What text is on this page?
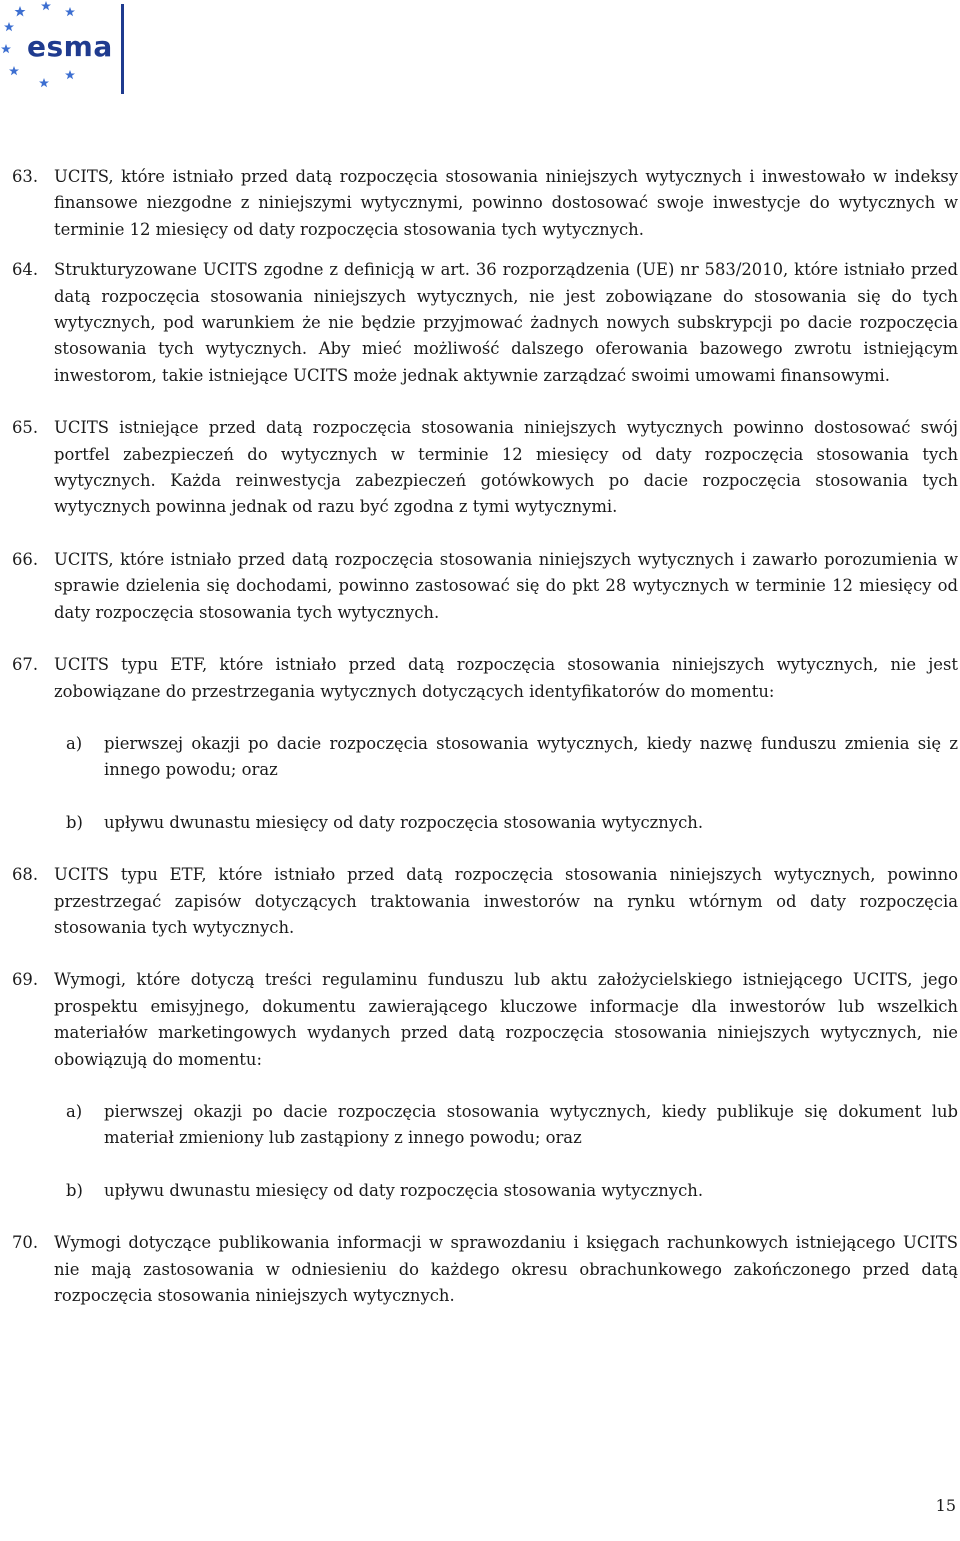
esma
63. UCITS, które istniało przed datą rozpoczęcia stosowania niniejszych wytycznych i inwestowało w indeksy finansowe niezgodne z niniejszymi wytycznymi, powinno dostosować swoje inwestycje do wytycznych w terminie 12 miesięcy od daty rozpoczęcia stosowania tych wytycznych.
64. Strukturyzowane UCITS zgodne z definicją w art. 36 rozporządzenia (UE) nr 583/2010, które istniało przed datą rozpoczęcia stosowania niniejszych wytycznych, nie jest zobowiązane do stosowania się do tych wytycznych, pod warunkiem że nie będzie przyjmować żadnych nowych subskrypcji po dacie rozpoczęcia stosowania tych wytycznych. Aby mieć możliwość dalszego oferowania bazowego zwrotu istniejącym inwestorom, takie istniejące UCITS może jednak aktywnie zarządzać swoimi umowami finansowymi.
65. UCITS istniejące przed datą rozpoczęcia stosowania niniejszych wytycznych powinno dostosować swój portfel zabezpieczeń do wytycznych w terminie 12 miesięcy od daty rozpoczęcia stosowania tych wytycznych. Każda reinwestycja zabezpieczeń gotówkowych po dacie rozpoczęcia stosowania tych wytycznych powinna jednak od razu być zgodna z tymi wytycznymi.
66. UCITS, które istniało przed datą rozpoczęcia stosowania niniejszych wytycznych i zawarło porozumienia w sprawie dzielenia się dochodami, powinno zastosować się do pkt 28 wytycznych w terminie 12 miesięcy od daty rozpoczęcia stosowania tych wytycznych.
67. UCITS typu ETF, które istniało przed datą rozpoczęcia stosowania niniejszych wytycznych, nie jest zobowiązane do przestrzegania wytycznych dotyczących identyfikatorów do momentu:
a)	pierwszej okazji po dacie rozpoczęcia stosowania wytycznych, kiedy nazwę funduszu zmienia się z innego powodu; oraz
b)	upływu dwunastu miesięcy od daty rozpoczęcia stosowania wytycznych.
68. UCITS typu ETF, które istniało przed datą rozpoczęcia stosowania niniejszych wytycznych, powinno przestrzegać zapisów dotyczących traktowania inwestorów na rynku wtórnym od daty rozpoczęcia stosowania tych wytycznych.
69. Wymogi, które dotyczą treści regulaminu funduszu lub aktu założycielskiego istniejącego UCITS, jego prospektu emisyjnego, dokumentu zawierającego kluczowe informacje dla inwestorów lub wszelkich materiałów marketingowych wydanych przed datą rozpoczęcia stosowania niniejszych wytycznych, nie obowiązują do momentu:
a)	pierwszej okazji po dacie rozpoczęcia stosowania wytycznych, kiedy publikuje się dokument lub materiał zmieniony lub zastąpiony z innego powodu; oraz
b)	upływu dwunastu miesięcy od daty rozpoczęcia stosowania wytycznych.
70. Wymogi dotyczące publikowania informacji w sprawozdaniu i księgach rachunkowych istniejącego UCITS nie mają zastosowania w odniesieniu do każdego okresu obrachunkowego zakończonego przed datą rozpoczęcia stosowania niniejszych wytycznych.
15
